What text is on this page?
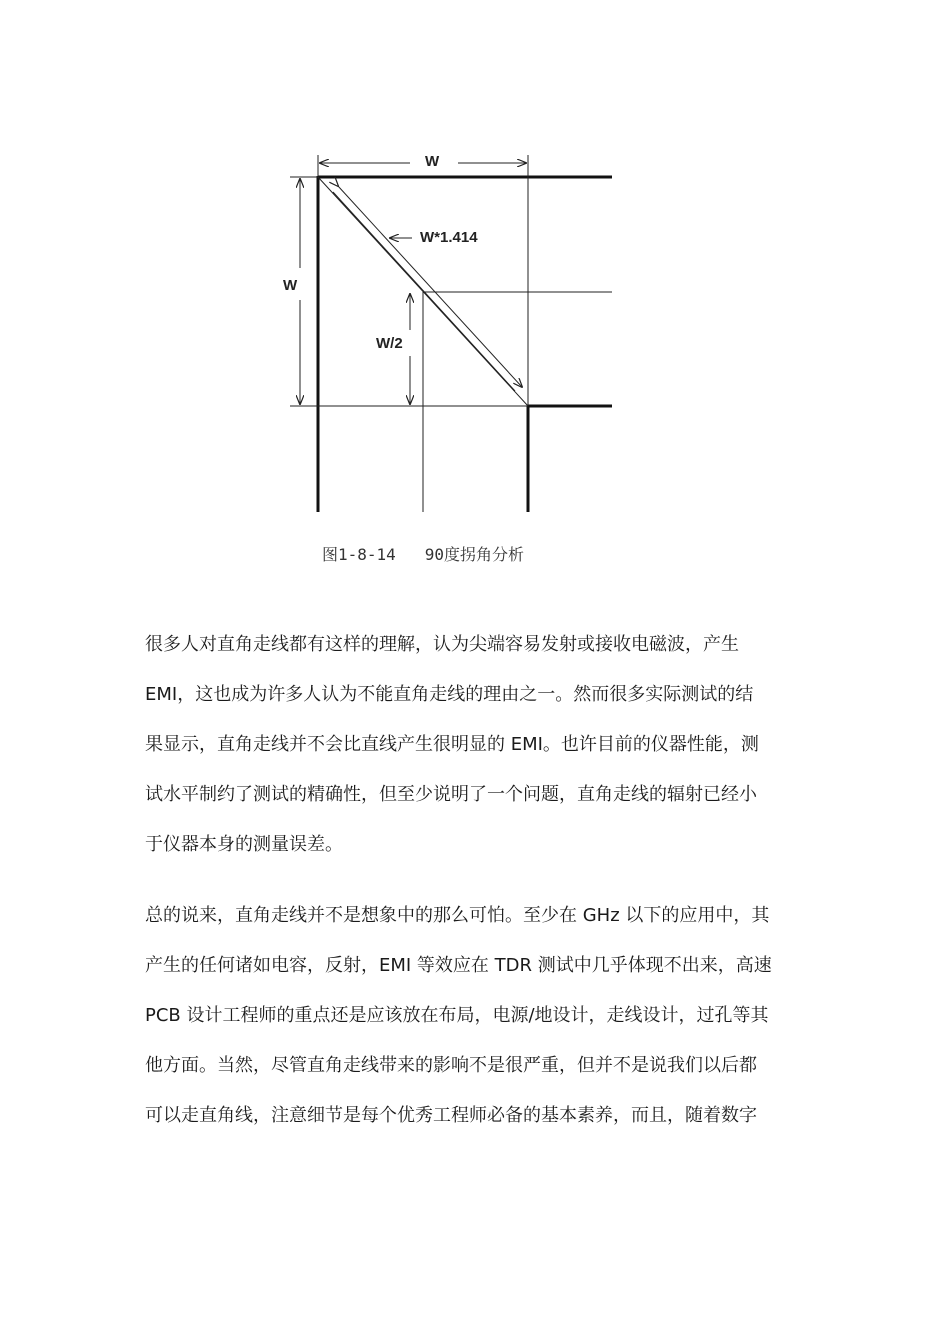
W
W
W*1.414
W/2
图1-8-14   90度拐角分析
很多人对直角走线都有这样的理解，认为尖端容易发射或接收电磁波，产生
EMI，这也成为许多人认为不能直角走线的理由之一。然而很多实际测试的结
果显示，直角走线并不会比直线产生很明显的 EMI。也许目前的仪器性能，测
试水平制约了测试的精确性，但至少说明了一个问题，直角走线的辐射已经小
于仪器本身的测量误差。
总的说来，直角走线并不是想象中的那么可怕。至少在 GHz 以下的应用中，其
产生的任何诸如电容，反射，EMI 等效应在 TDR 测试中几乎体现不出来，高速
PCB 设计工程师的重点还是应该放在布局，电源/地设计，走线设计，过孔等其
他方面。当然，尽管直角走线带来的影响不是很严重，但并不是说我们以后都
可以走直角线，注意细节是每个优秀工程师必备的基本素养，而且，随着数字
